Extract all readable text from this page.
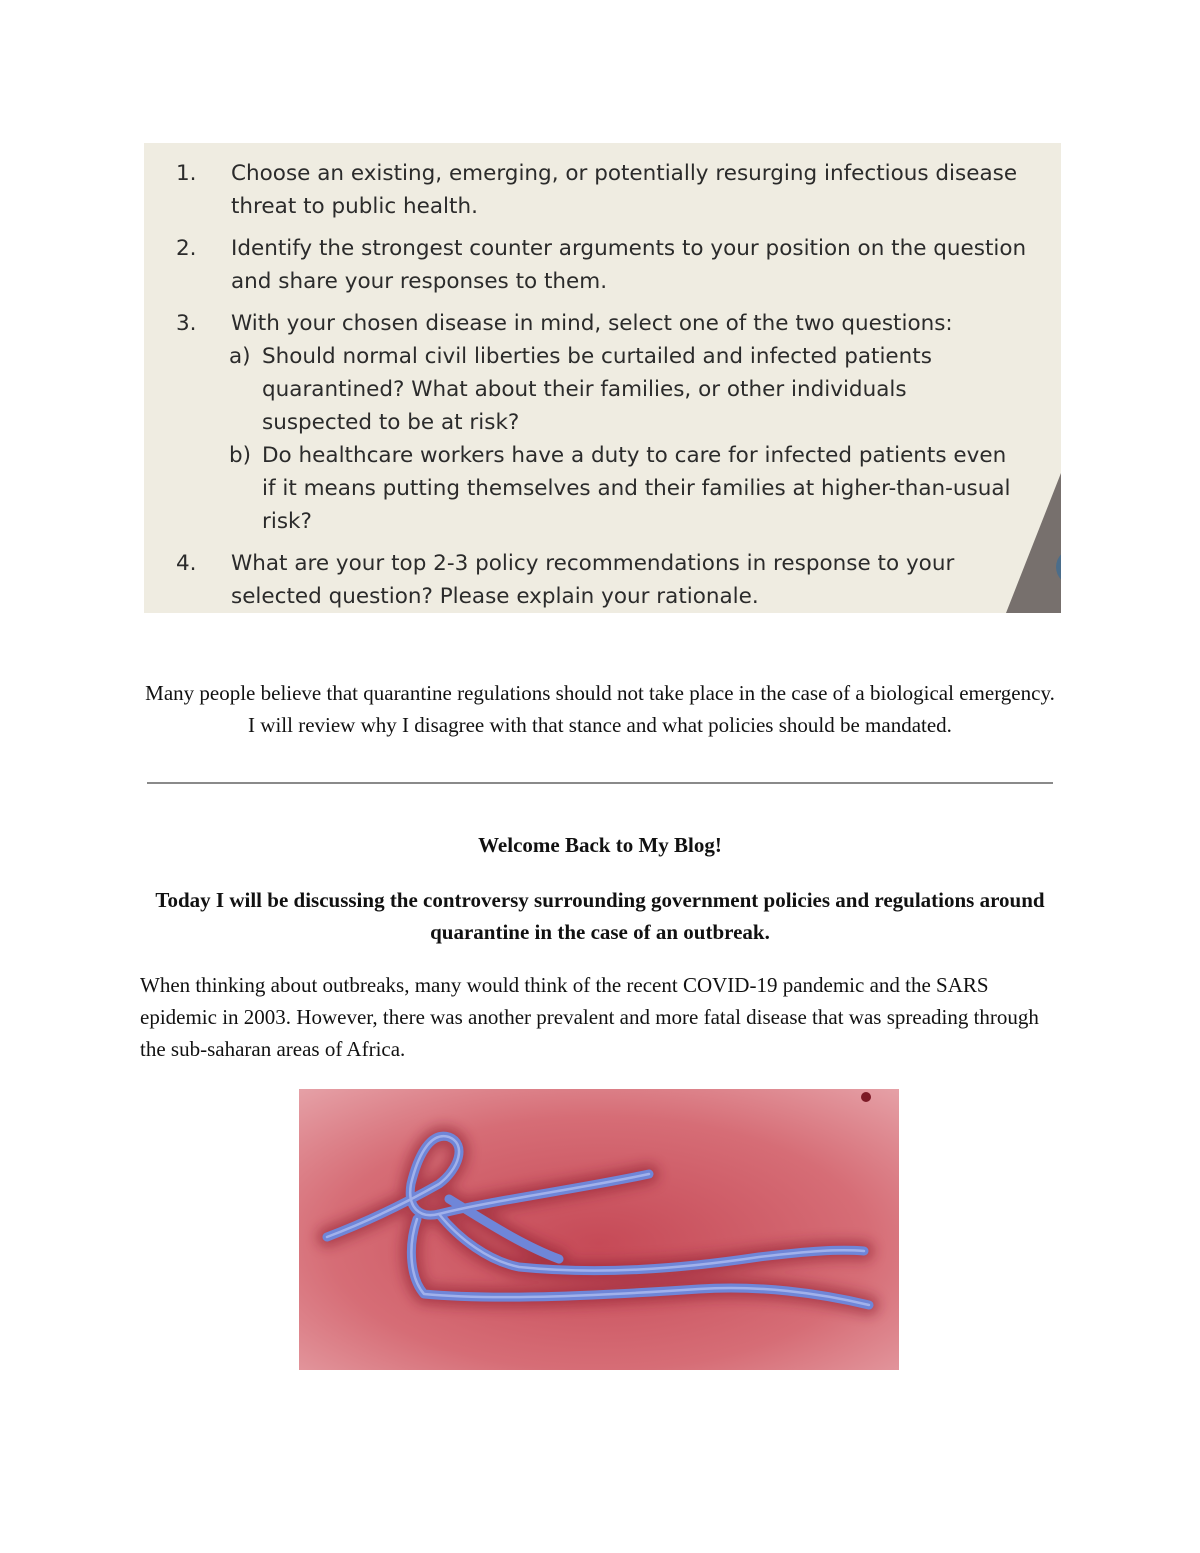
1.	Choose an existing, emerging, or potentially resurging infectious disease threat to public health.
2.	Identify the strongest counter arguments to your position on the question and share your responses to them.
3.	With your chosen disease in mind, select one of the two questions:
a) Should normal civil liberties be curtailed and infected patients quarantined? What about their families, or other individuals suspected to be at risk?
b) Do healthcare workers have a duty to care for infected patients even if it means putting themselves and their families at higher-than-usual risk?
4.	What are your top 2-3 policy recommendations in response to your selected question? Please explain your rationale.

Many people believe that quarantine regulations should not take place in the case of a biological emergency. I will review why I disagree with that stance and what policies should be mandated.

Welcome Back to My Blog!

Today I will be discussing the controversy surrounding government policies and regulations around quarantine in the case of an outbreak.

When thinking about outbreaks, many would think of the recent COVID-19 pandemic and the SARS epidemic in 2003. However, there was another prevalent and more fatal disease that was spreading through the sub-saharan areas of Africa.
